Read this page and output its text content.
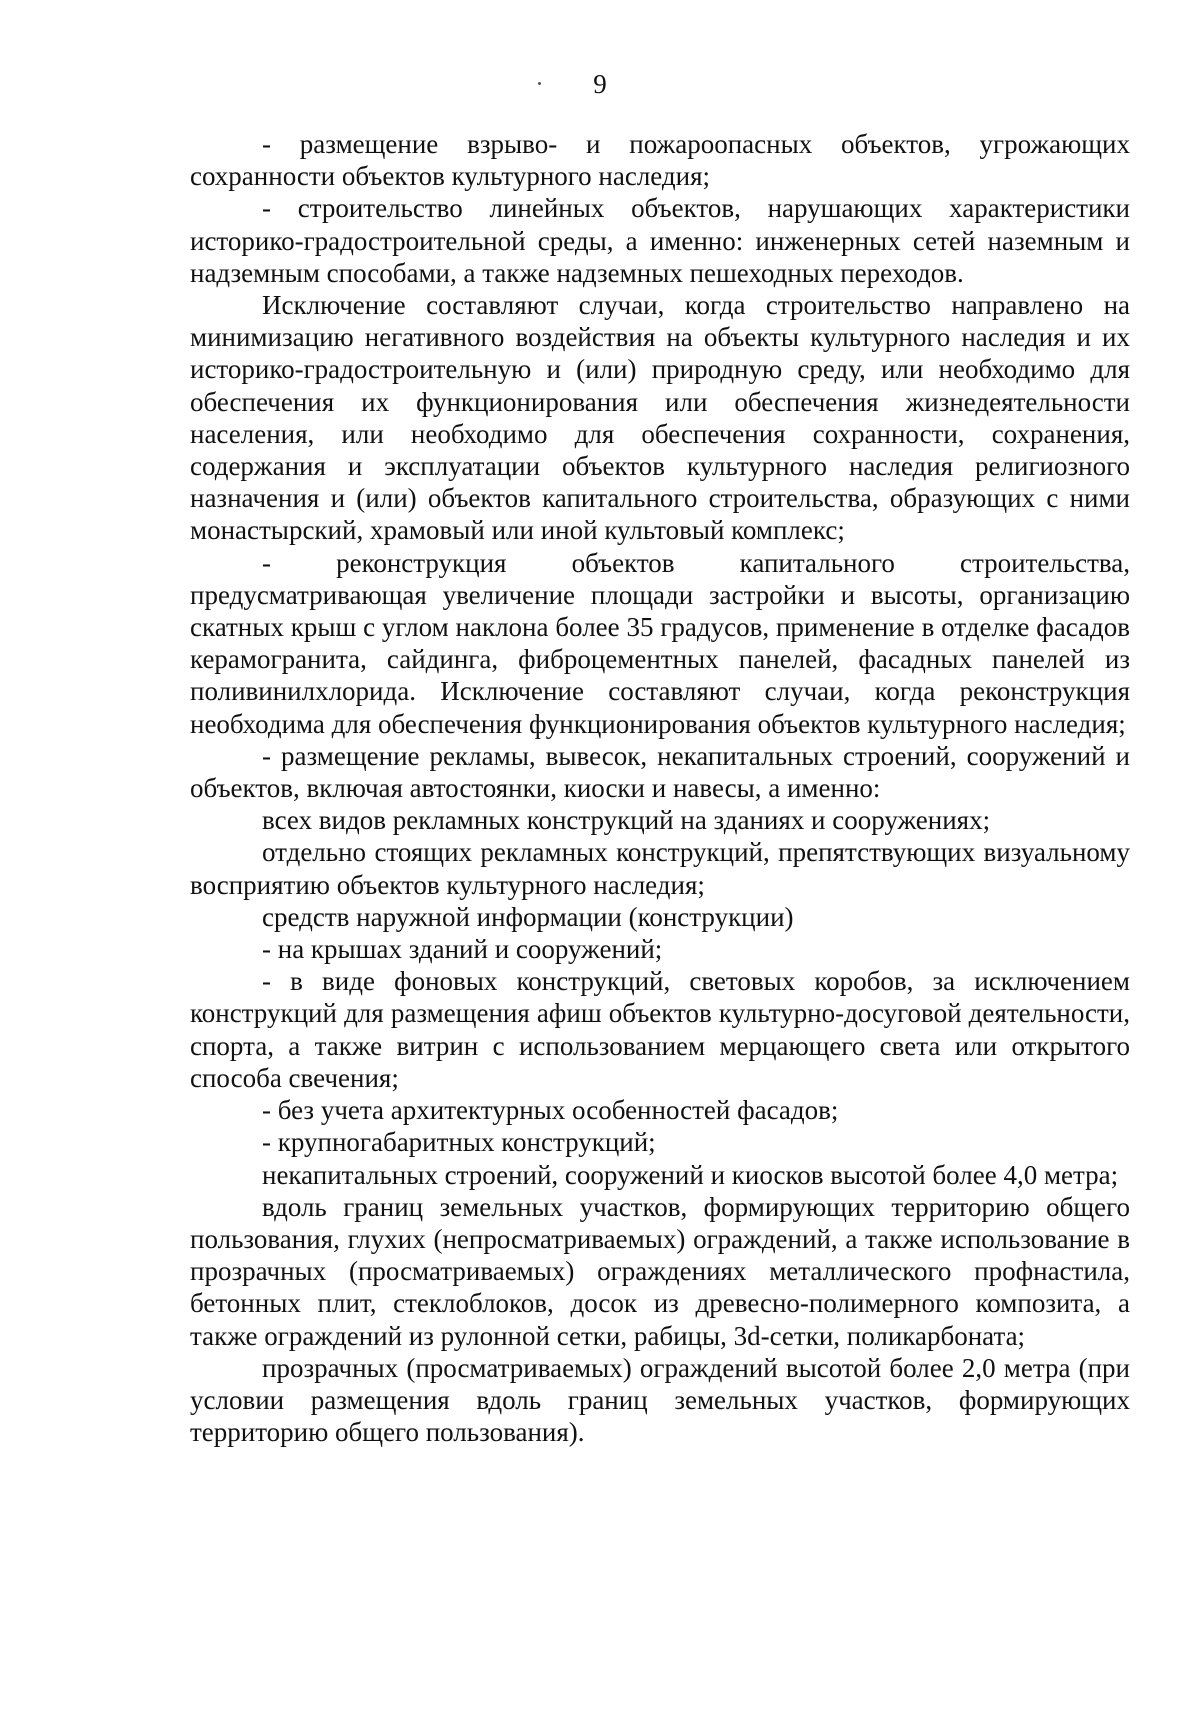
9

- размещение взрыво- и пожароопасных объектов, угрожающих сохранности объектов культурного наследия;

- строительство линейных объектов, нарушающих характеристики историко-градостроительной среды, а именно: инженерных сетей наземным и надземным способами, а также надземных пешеходных переходов.

Исключение составляют случаи, когда строительство направлено на минимизацию негативного воздействия на объекты культурного наследия и их историко-градостроительную и (или) природную среду, или необходимо для обеспечения их функционирования или обеспечения жизнедеятельности населения, или необходимо для обеспечения сохранности, сохранения, содержания и эксплуатации объектов культурного наследия религиозного назначения и (или) объектов капитального строительства, образующих с ними монастырский, храмовый или иной культовый комплекс;

- реконструкция объектов капитального строительства, предусматривающая увеличение площади застройки и высоты, организацию скатных крыш с углом наклона более 35 градусов, применение в отделке фасадов керамогранита, сайдинга, фиброцементных панелей, фасадных панелей из поливинилхлорида. Исключение составляют случаи, когда реконструкция необходима для обеспечения функционирования объектов культурного наследия;

- размещение рекламы, вывесок, некапитальных строений, сооружений и объектов, включая автостоянки, киоски и навесы, а именно:

всех видов рекламных конструкций на зданиях и сооружениях;

отдельно стоящих рекламных конструкций, препятствующих визуальному восприятию объектов культурного наследия;

средств наружной информации (конструкции)

- на крышах зданий и сооружений;

- в виде фоновых конструкций, световых коробов, за исключением конструкций для размещения афиш объектов культурно-досуговой деятельности, спорта, а также витрин с использованием мерцающего света или открытого способа свечения;

- без учета архитектурных особенностей фасадов;

- крупногабаритных конструкций;

некапитальных строений, сооружений и киосков высотой более 4,0 метра;

вдоль границ земельных участков, формирующих территорию общего пользования, глухих (непросматриваемых) ограждений, а также использование в прозрачных (просматриваемых) ограждениях металлического профнастила, бетонных плит, стеклоблоков, досок из древесно-полимерного композита, а также ограждений из рулонной сетки, рабицы, 3d-сетки, поликарбоната;

прозрачных (просматриваемых) ограждений высотой более 2,0 метра (при условии размещения вдоль границ земельных участков, формирующих территорию общего пользования).
